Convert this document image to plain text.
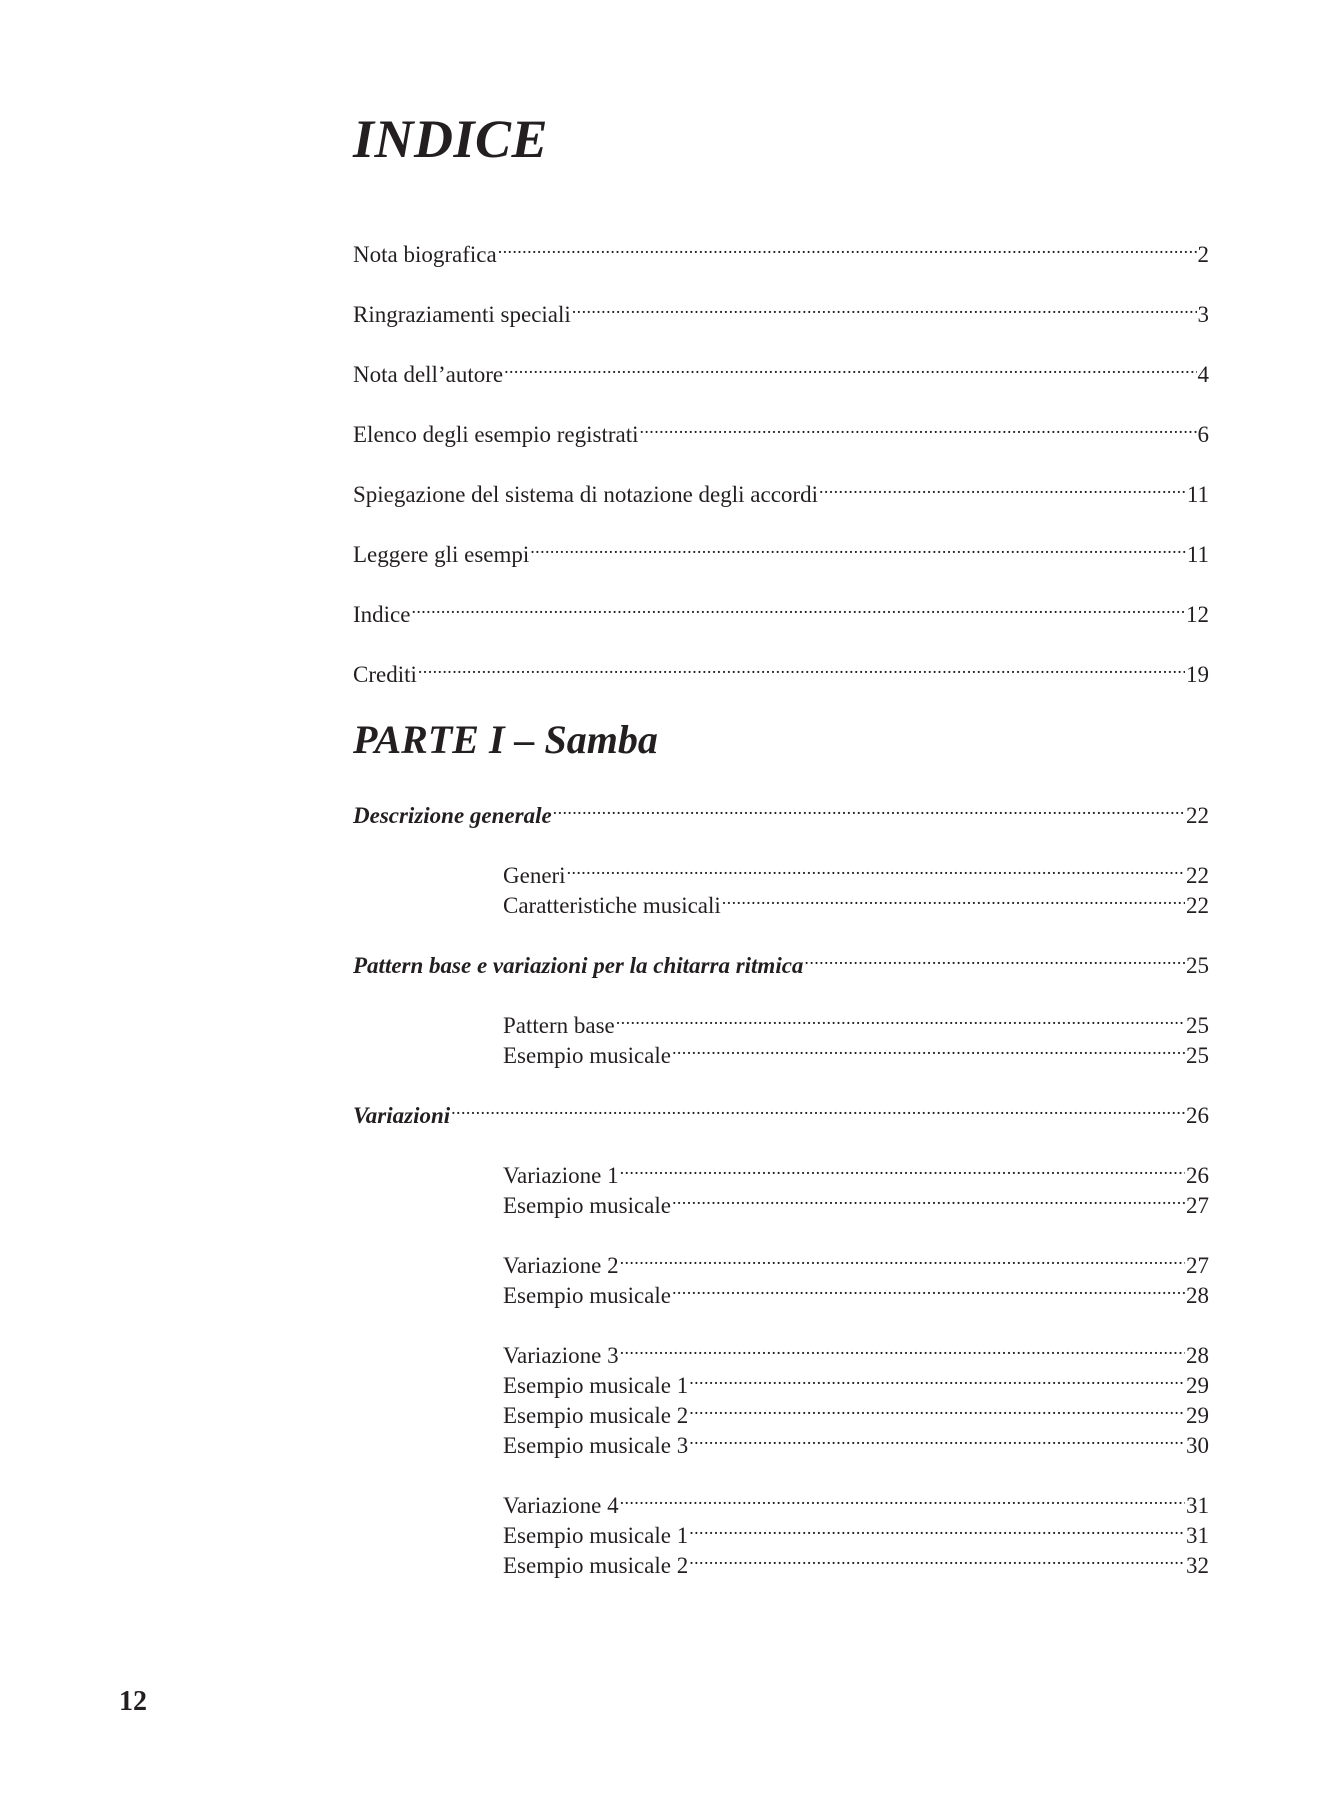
INDICE
Nota biografica .....	2
Ringraziamenti speciali .....	3
Nota dell’autore .....	4
Elenco degli esempio registrati .....	6
Spiegazione del sistema di notazione degli accordi .....	11
Leggere gli esempi .....	11
Indice .....	12
Crediti .....	19
PARTE I – Samba
Descrizione generale .....	22
Generi .....	22
Caratteristiche musicali .....	22
Pattern base e variazioni per la chitarra ritmica .....	25
Pattern base .....	25
Esempio musicale .....	25
Variazioni .....	26
Variazione 1 .....	26
Esempio musicale .....	27
Variazione 2 .....	27
Esempio musicale .....	28
Variazione 3 .....	28
Esempio musicale 1 .....	29
Esempio musicale 2 .....	29
Esempio musicale 3 .....	30
Variazione 4 .....	31
Esempio musicale 1 .....	31
Esempio musicale 2 .....	32
12
